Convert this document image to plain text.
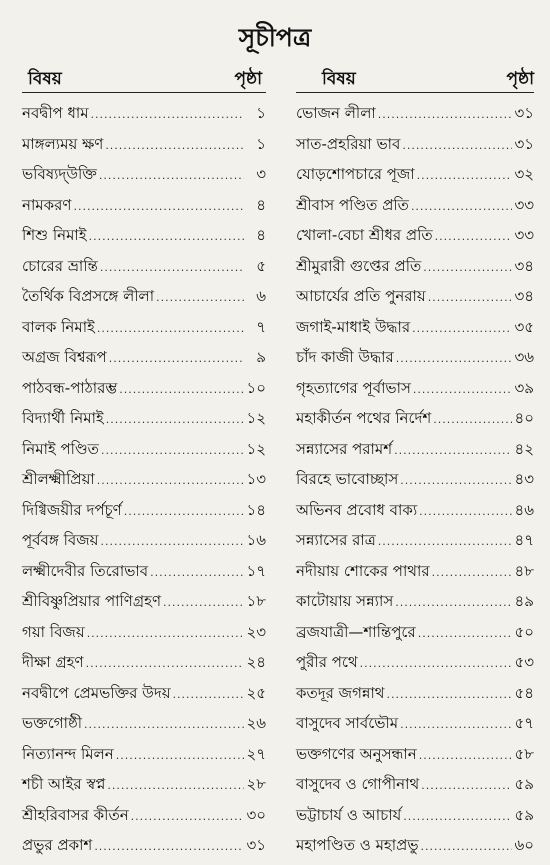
সূচীপত্র
বিষয়	পৃষ্ঠা
নবদ্বীপ ধাম .....	১
মাঙ্গল্যময় ক্ষণ .....	১
ভবিষ্যদ্‌উক্তি .....	৩
নামকরণ .....	৪
শিশু নিমাই .....	৪
চোরের ভ্রান্তি .....	৫
তৈর্থিক বিপ্রসঙ্গে লীলা .....	৬
বালক নিমাই .....	৭
অগ্রজ বিশ্বরূপ .....	৯
পাঠবন্ধ-পাঠারম্ভ .....	১০
বিদ্যার্থী নিমাই .....	১২
নিমাই পণ্ডিত .....	১২
শ্রীলক্ষ্মীপ্রিয়া .....	১৩
দিগ্বিজয়ীর দর্পচূর্ণ .....	১৪
পূর্ববঙ্গ বিজয় .....	১৬
লক্ষ্মীদেবীর তিরোভাব .....	১৭
শ্রীবিষ্ণুপ্রিয়ার পাণিগ্রহণ .....	১৮
গয়া বিজয় .....	২৩
দীক্ষা গ্রহণ .....	২৪
নবদ্বীপে প্রেমভক্তির উদয় .....	২৫
ভক্তগোষ্ঠী .....	২৬
নিত্যানন্দ মিলন .....	২৭
শচী আইর স্বপ্ন .....	২৮
শ্রীহরিবাসর কীর্তন .....	৩০
প্রভুর প্রকাশ .....	৩১
বিষয়	পৃষ্ঠা
ভোজন লীলা .....	৩১
সাত-প্রহরিয়া ভাব .....	৩১
যোড়শোপচারে পূজা .....	৩২
শ্রীবাস পণ্ডিত প্রতি .....	৩৩
খোলা-বেচা শ্রীধর প্রতি .....	৩৩
শ্রীমুরারী গুপ্তের প্রতি .....	৩৪
আচার্যের প্রতি পুনরায় .....	৩৪
জগাই-মাধাই উদ্ধার .....	৩৫
চাঁদ কাজী উদ্ধার .....	৩৬
গৃহত্যাগের পূর্বাভাস .....	৩৯
মহাকীর্তন পথের নির্দেশ .....	৪০
সন্ন্যাসের পরামর্শ .....	৪২
বিরহে ভাবোচ্ছাস .....	৪৩
অভিনব প্রবোধ বাক্য .....	৪৬
সন্ন্যাসের রাত্র .....	৪৭
নদীয়ায় শোকের পাথার .....	৪৮
কাটোয়ায় সন্ন্যাস .....	৪৯
ব্রজযাত্রী—শান্তিপুরে .....	৫০
পুরীর পথে .....	৫৩
কতদূর জগন্নাথ .....	৫৪
বাসুদেব সার্বভৌম .....	৫৭
ভক্তগণের অনুসন্ধান .....	৫৮
বাসুদেব ও গোপীনাথ .....	৫৯
ভট্টাচার্য ও আচার্য .....	৫৯
মহাপণ্ডিত ও মহাপ্রভু .....	৬০
